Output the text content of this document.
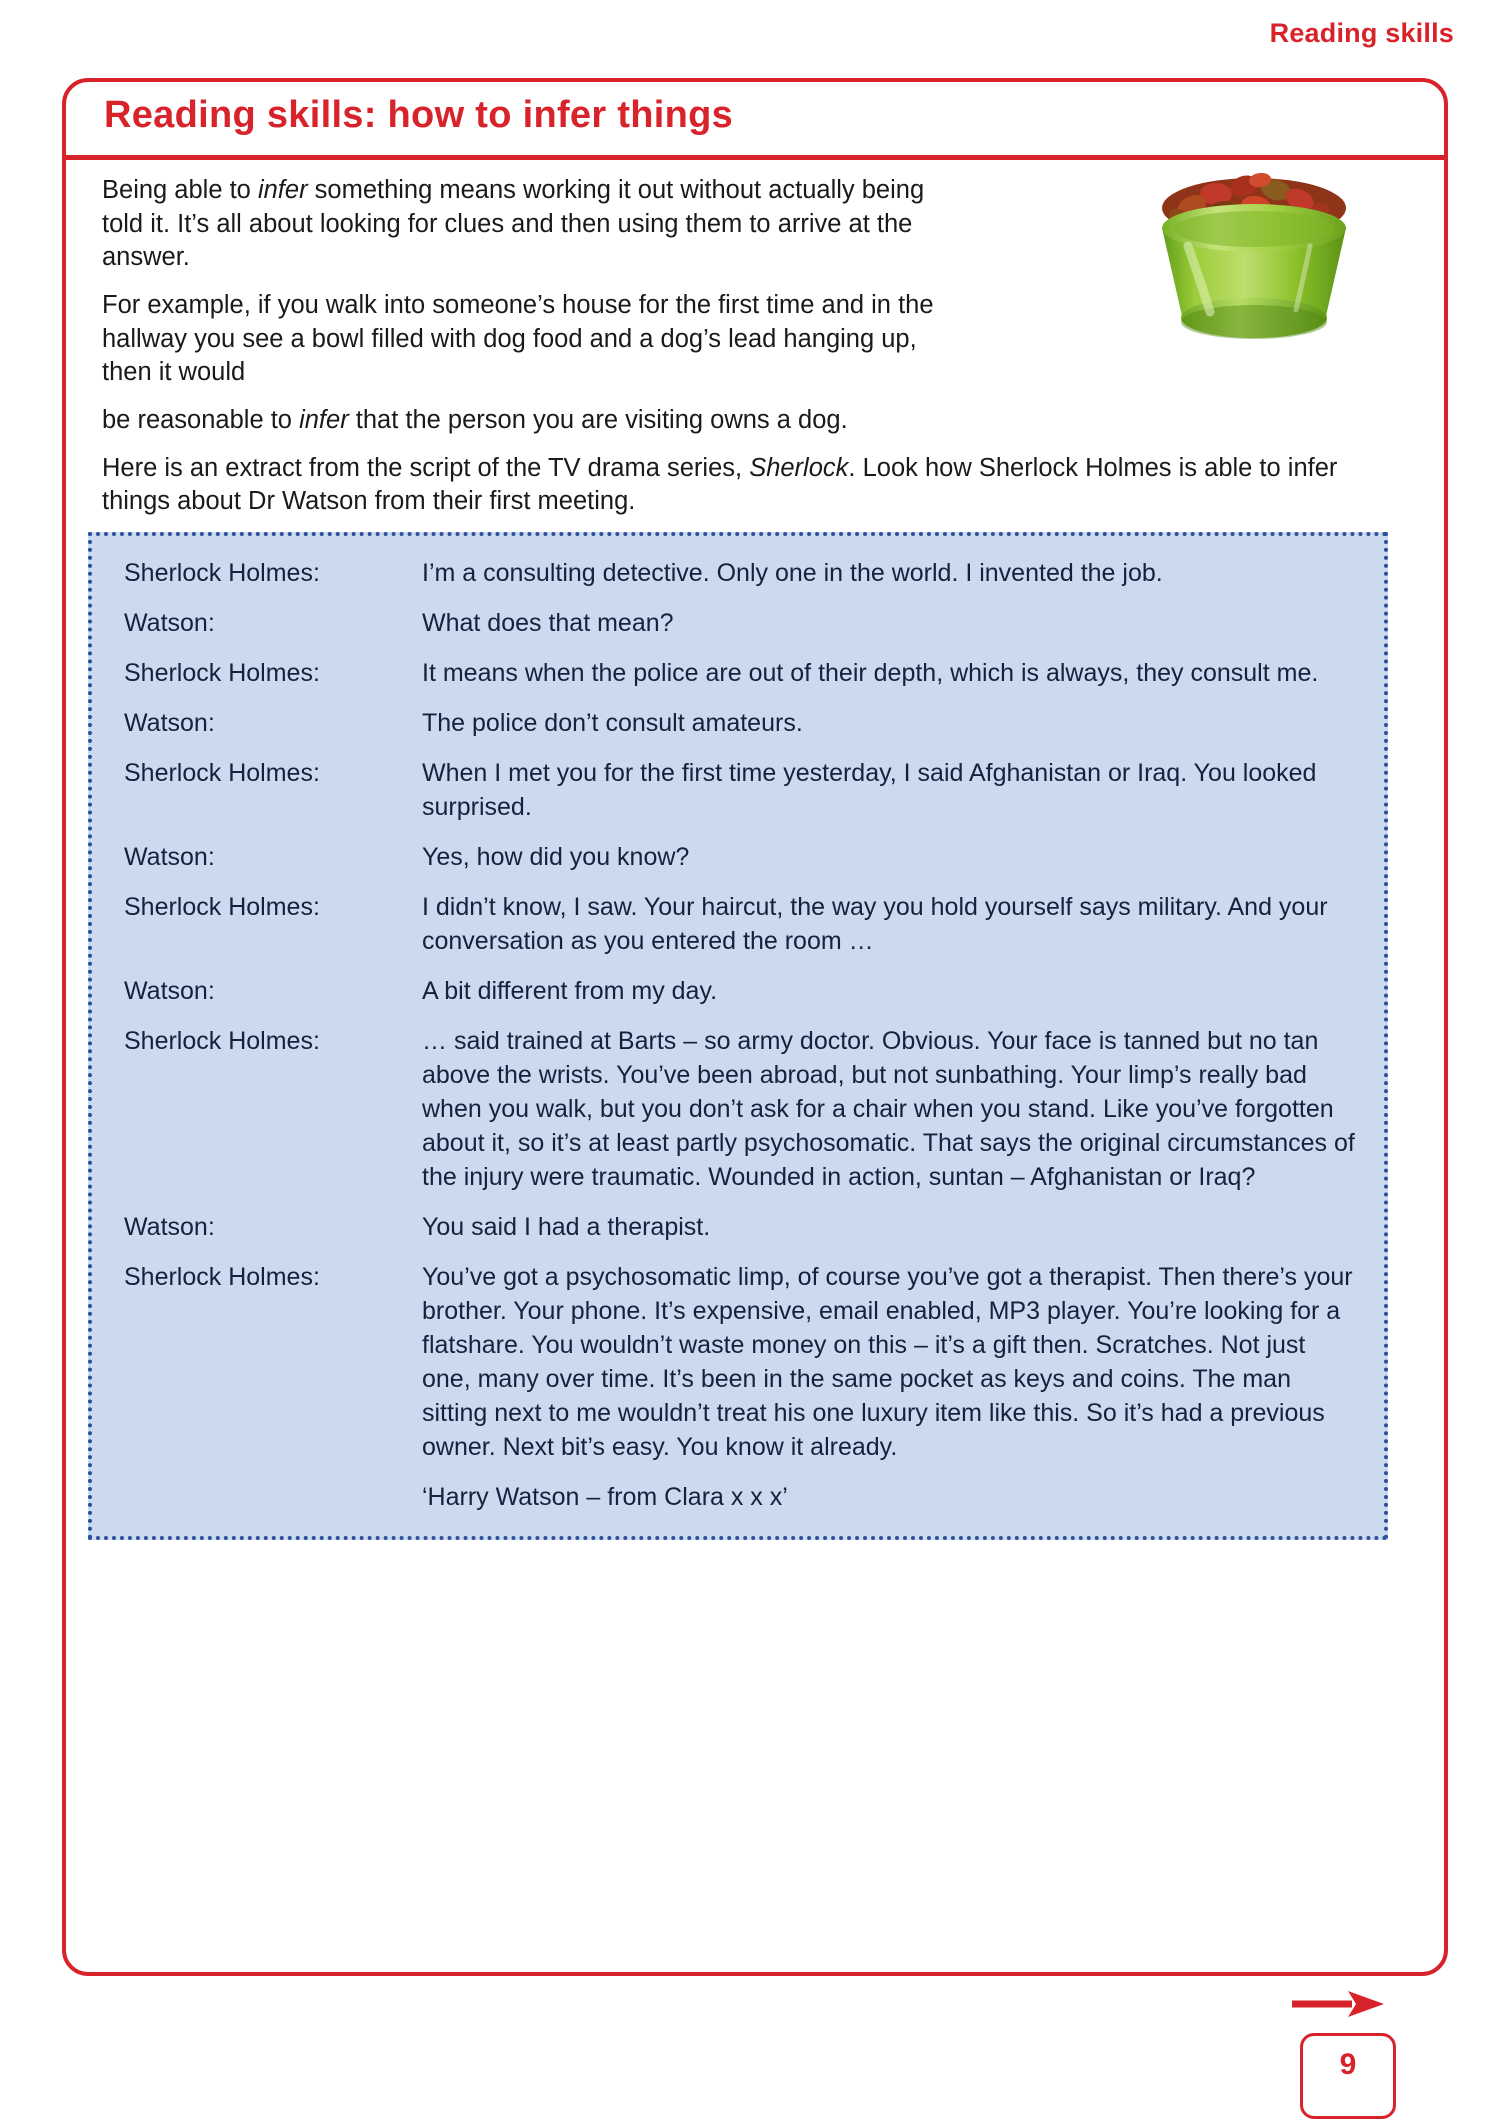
Reading skills
Reading skills: how to infer things

Being able to infer something means working it out without actually being told it. It’s all about looking for clues and then using them to arrive at the answer.

For example, if you walk into someone’s house for the first time and in the hallway you see a bowl filled with dog food and a dog’s lead hanging up, then it would

be reasonable to infer that the person you are visiting owns a dog.

Here is an extract from the script of the TV drama series, Sherlock. Look how Sherlock Holmes is able to infer things about Dr Watson from their first meeting.

Sherlock Holmes:	I’m a consulting detective. Only one in the world. I invented the job.
Watson:	What does that mean?
Sherlock Holmes:	It means when the police are out of their depth, which is always, they consult me.
Watson:	The police don’t consult amateurs.
Sherlock Holmes:	When I met you for the first time yesterday, I said Afghanistan or Iraq. You looked surprised.
Watson:	Yes, how did you know?
Sherlock Holmes:	I didn’t know, I saw. Your haircut, the way you hold yourself says military. And your conversation as you entered the room …
Watson:	A bit different from my day.
Sherlock Holmes:	… said trained at Barts – so army doctor. Obvious. Your face is tanned but no tan above the wrists. You’ve been abroad, but not sunbathing. Your limp’s really bad when you walk, but you don’t ask for a chair when you stand. Like you’ve forgotten about it, so it’s at least partly psychosomatic. That says the original circumstances of the injury were traumatic. Wounded in action, suntan – Afghanistan or Iraq?
Watson:	You said I had a therapist.
Sherlock Holmes:	You’ve got a psychosomatic limp, of course you’ve got a therapist. Then there’s your brother. Your phone. It’s expensive, email enabled, MP3 player. You’re looking for a flatshare. You wouldn’t waste money on this – it’s a gift then. Scratches. Not just one, many over time. It’s been in the same pocket as keys and coins. The man sitting next to me wouldn’t treat his one luxury item like this. So it’s had a previous owner. Next bit’s easy. You know it already.
‘Harry Watson – from Clara x x x’
9
